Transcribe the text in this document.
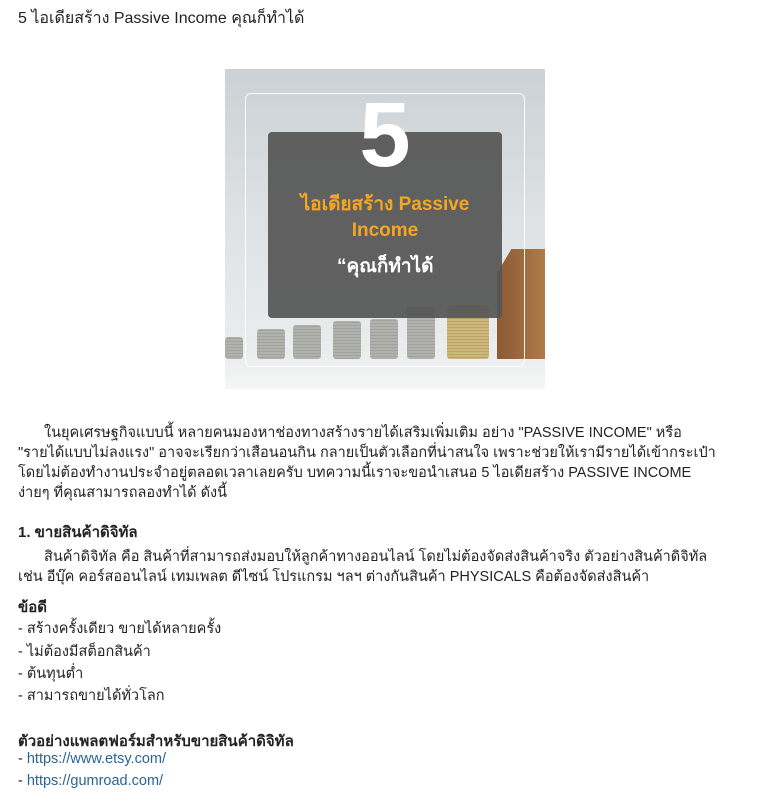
5 ไอเดียสร้าง Passive Income คุณก็ทำได้
5
ไอเดียสร้าง Passive
Income
“คุณก็ทำได้
ในยุคเศรษฐกิจแบบนี้ หลายคนมองหาช่องทางสร้างรายได้เสริมเพิ่มเติม อย่าง "PASSIVE INCOME" หรือ
"รายได้แบบไม่ลงแรง" อาจจะเรียกว่าเสือนอนกิน กลายเป็นตัวเลือกที่น่าสนใจ เพราะช่วยให้เรามีรายได้เข้ากระเป๋า
โดยไม่ต้องทำงานประจำอยู่ตลอดเวลาเลยครับ บทความนี้เราจะขอนำเสนอ 5 ไอเดียสร้าง PASSIVE INCOME
ง่ายๆ ที่คุณสามารถลองทำได้ ดังนี้
1. ขายสินค้าดิจิทัล
สินค้าดิจิทัล คือ สินค้าที่สามารถส่งมอบให้ลูกค้าทางออนไลน์ โดยไม่ต้องจัดส่งสินค้าจริง ตัวอย่างสินค้าดิจิทัล
เช่น อีบุ๊ค คอร์สออนไลน์ เทมเพลต ดีไซน์ โปรแกรม ฯลฯ ต่างกันสินค้า PHYSICALS คือต้องจัดส่งสินค้า
ข้อดี
- สร้างครั้งเดียว ขายได้หลายครั้ง
- ไม่ต้องมีสต็อกสินค้า
- ต้นทุนต่ำ
- สามารถขายได้ทั่วโลก
ตัวอย่างแพลตฟอร์มสำหรับขายสินค้าดิจิทัล
- https://www.etsy.com/
- https://gumroad.com/
